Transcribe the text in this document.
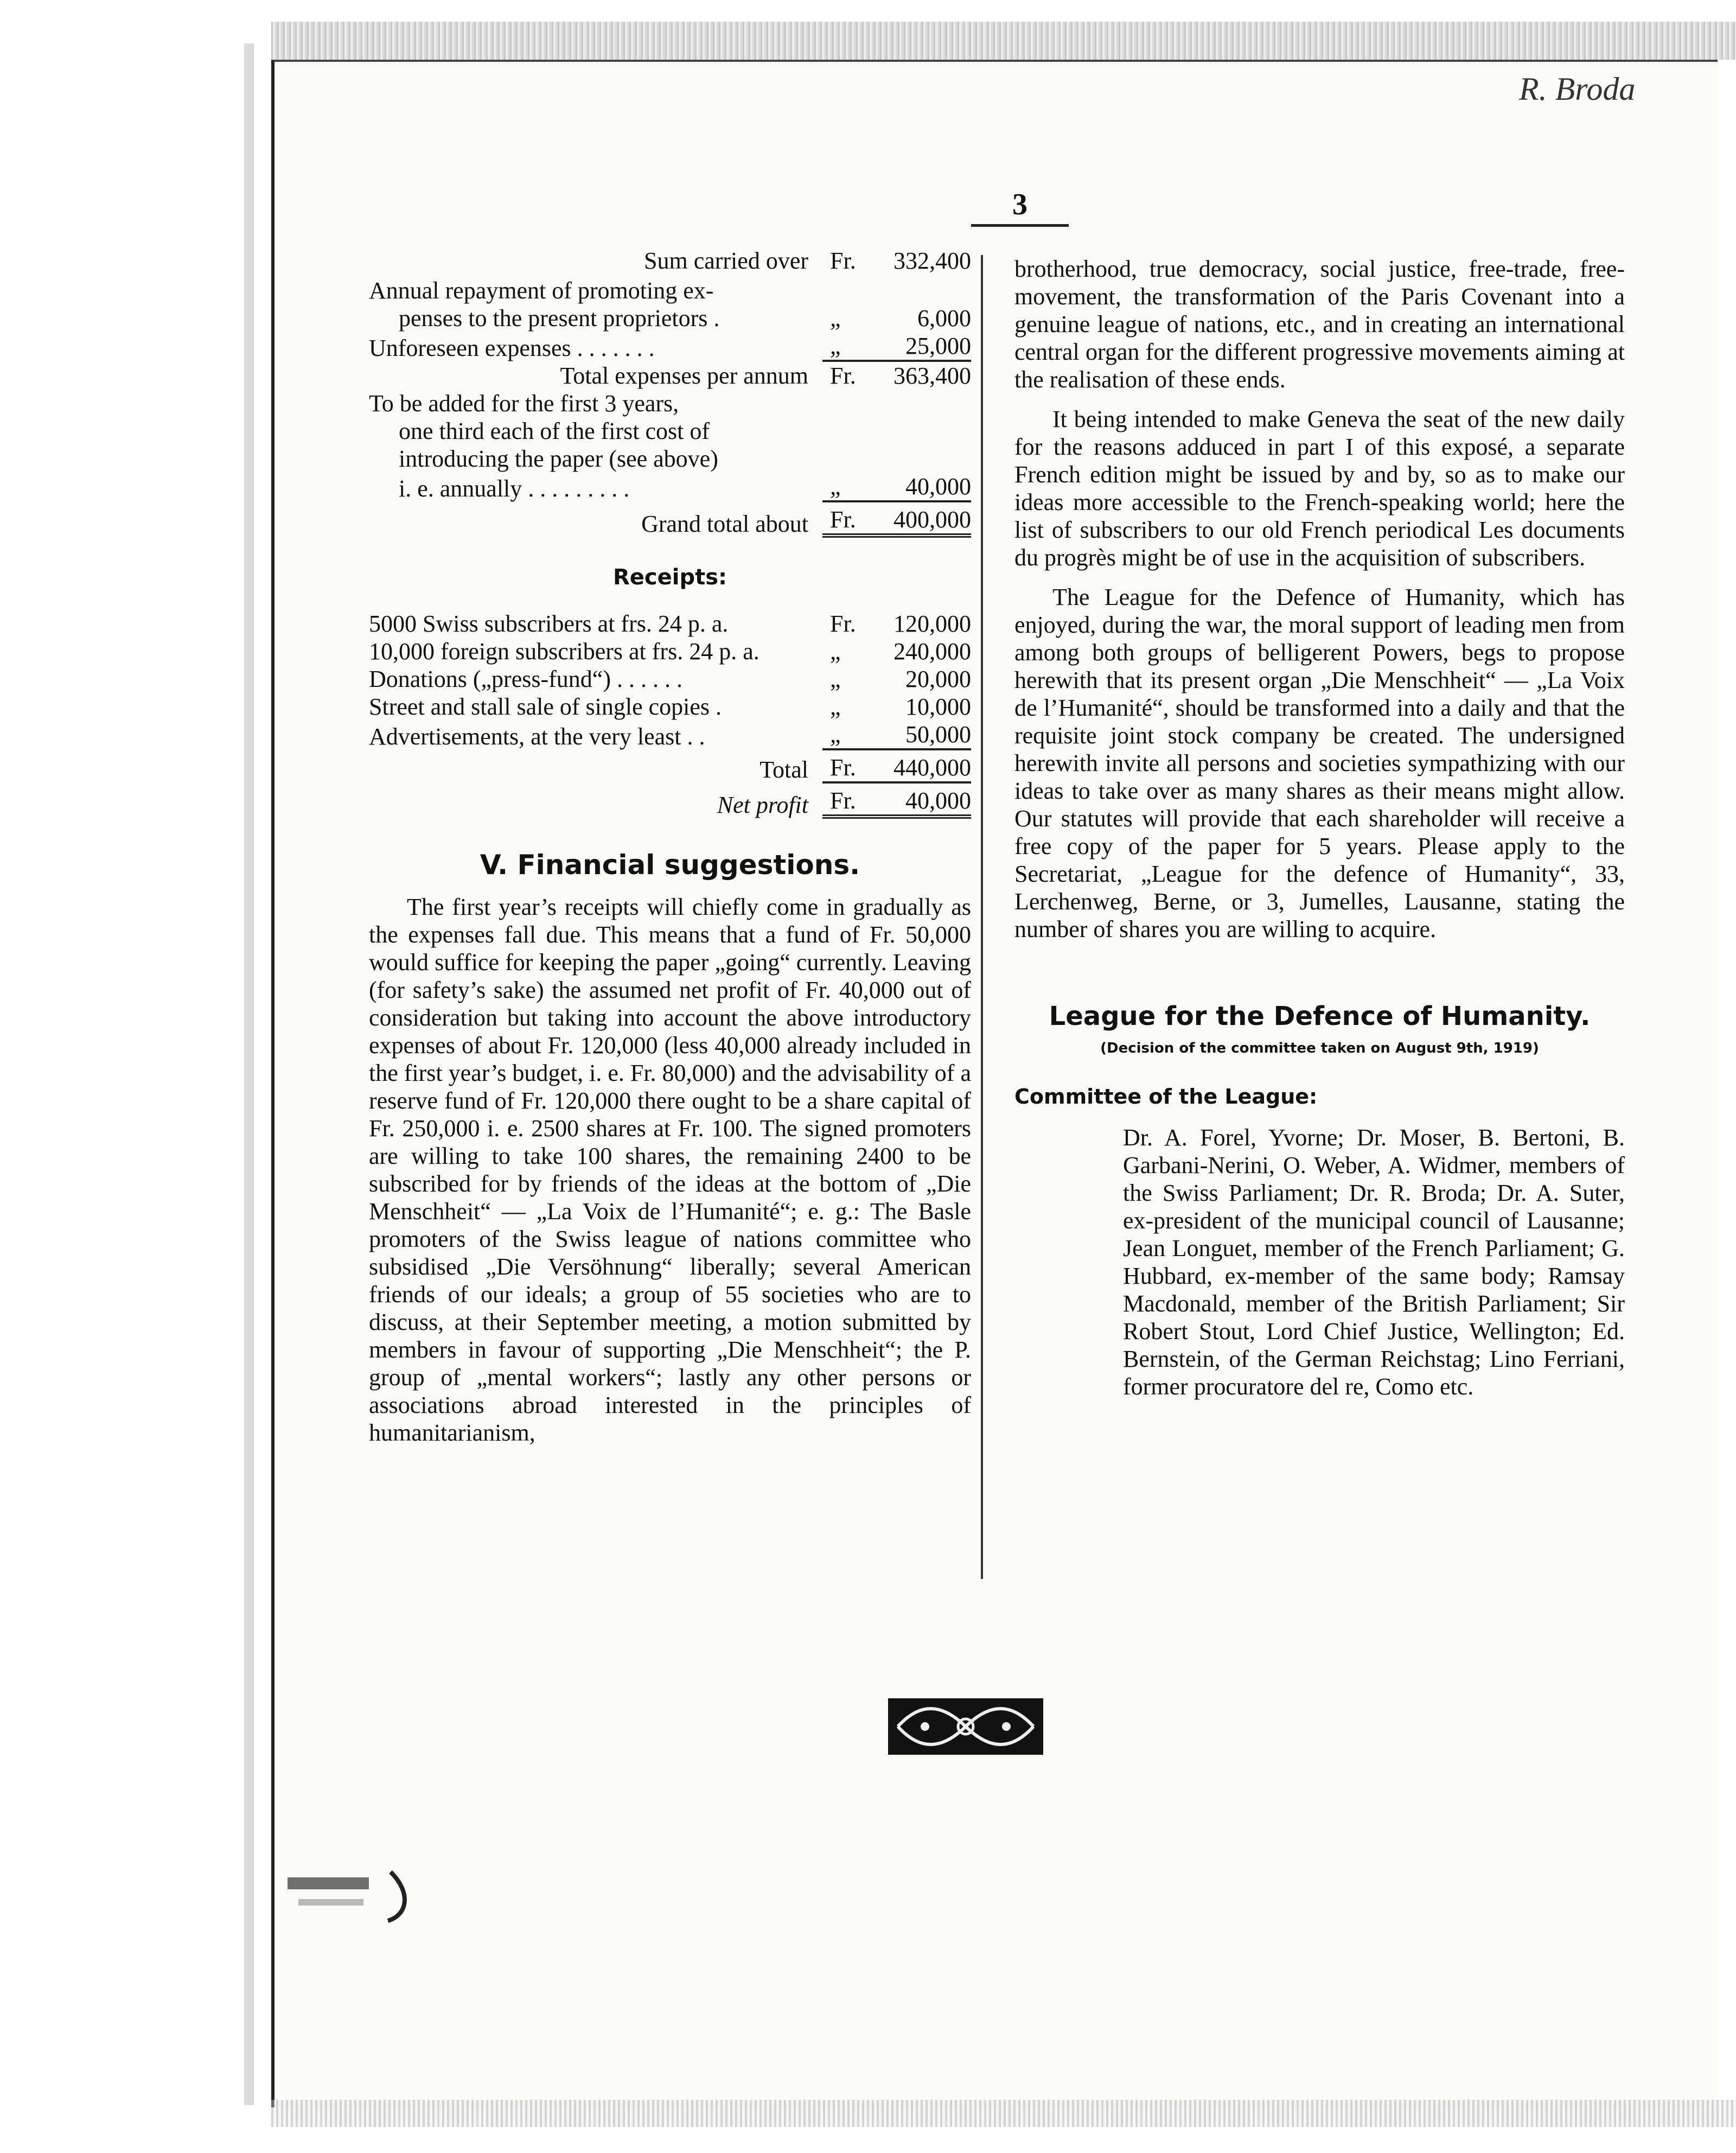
R. Broda
3
Sum carried over Fr. 332,400
Annual repayment of promoting ex-
penses to the present proprietors .	„	6,000
Unforeseen expenses . . . . . . .	„	25,000
Total expenses per annum Fr. 363,400
To be added for the first 3 years,
one third each of the first cost of
introducing the paper (see above)
i. e. annually . . . . . . . . .	„	40,000
Grand total about Fr. 400,000
Receipts:
5000 Swiss subscribers at frs. 24 p. a.	Fr. 120,000
10,000 foreign subscribers at frs. 24 p. a.	„ 240,000
Donations („press-fund“) . . . . . .	„	20,000
Street and stall sale of single copies .	„	10,000
Advertisements, at the very least . .	„	50,000
Total Fr. 440,000
Net profit Fr. 40,000
V. Financial suggestions.

The first year’s receipts will chiefly come in gradually as the expenses fall due. This means that a fund of Fr. 50,000 would suffice for keeping the paper „going“ currently. Leaving (for safety’s sake) the assumed net profit of Fr. 40,000 out of consideration but taking into account the above introductory expenses of about Fr. 120,000 (less 40,000 already included in the first year’s budget, i. e. Fr. 80,000) and the advisability of a reserve fund of Fr. 120,000 there ought to be a share capital of Fr. 250,000 i. e. 2500 shares at Fr. 100. The signed promoters are willing to take 100 shares, the remaining 2400 to be subscribed for by friends of the ideas at the bottom of „Die Menschheit“ — „La Voix de l’Humanité“; e. g.: The Basle promoters of the Swiss league of nations committee who subsidised „Die Versöhnung“ liberally; several American friends of our ideals; a group of 55 societies who are to discuss, at their September meeting, a motion submitted by members in favour of supporting „Die Menschheit“; the P. group of „mental workers“; lastly any other persons or associations abroad interested in the principles of humanitarianism,

brotherhood, true democracy, social justice, free-trade, free-movement, the transformation of the Paris Covenant into a genuine league of nations, etc., and in creating an international central organ for the different progressive movements aiming at the realisation of these ends.

It being intended to make Geneva the seat of the new daily for the reasons adduced in part I of this exposé, a separate French edition might be issued by and by, so as to make our ideas more accessible to the French-speaking world; here the list of subscribers to our old French periodical Les documents du progrès might be of use in the acquisition of subscribers.

The League for the Defence of Humanity, which has enjoyed, during the war, the moral support of leading men from among both groups of belligerent Powers, begs to propose herewith that its present organ „Die Menschheit“ — „La Voix de l’Humanité“, should be transformed into a daily and that the requisite joint stock company be created. The undersigned herewith invite all persons and societies sympathizing with our ideas to take over as many shares as their means might allow. Our statutes will provide that each shareholder will receive a free copy of the paper for 5 years. Please apply to the Secretariat, „League for the defence of Humanity“, 33, Lerchenweg, Berne, or 3, Jumelles, Lausanne, stating the number of shares you are willing to acquire.

League for the Defence of Humanity.
(Decision of the committee taken on August 9th, 1919)
Committee of the League:

Dr. A. Forel, Yvorne; Dr. Moser, B. Bertoni, B. Garbani-Nerini, O. Weber, A. Widmer, members of the Swiss Parliament; Dr. R. Broda; Dr. A. Suter, ex-president of the municipal council of Lausanne; Jean Longuet, member of the French Parliament; G. Hubbard, ex-member of the same body; Ramsay Macdonald, member of the British Parliament; Sir Robert Stout, Lord Chief Justice, Wellington; Ed. Bernstein, of the German Reichstag; Lino Ferriani, former procuratore del re, Como etc.
